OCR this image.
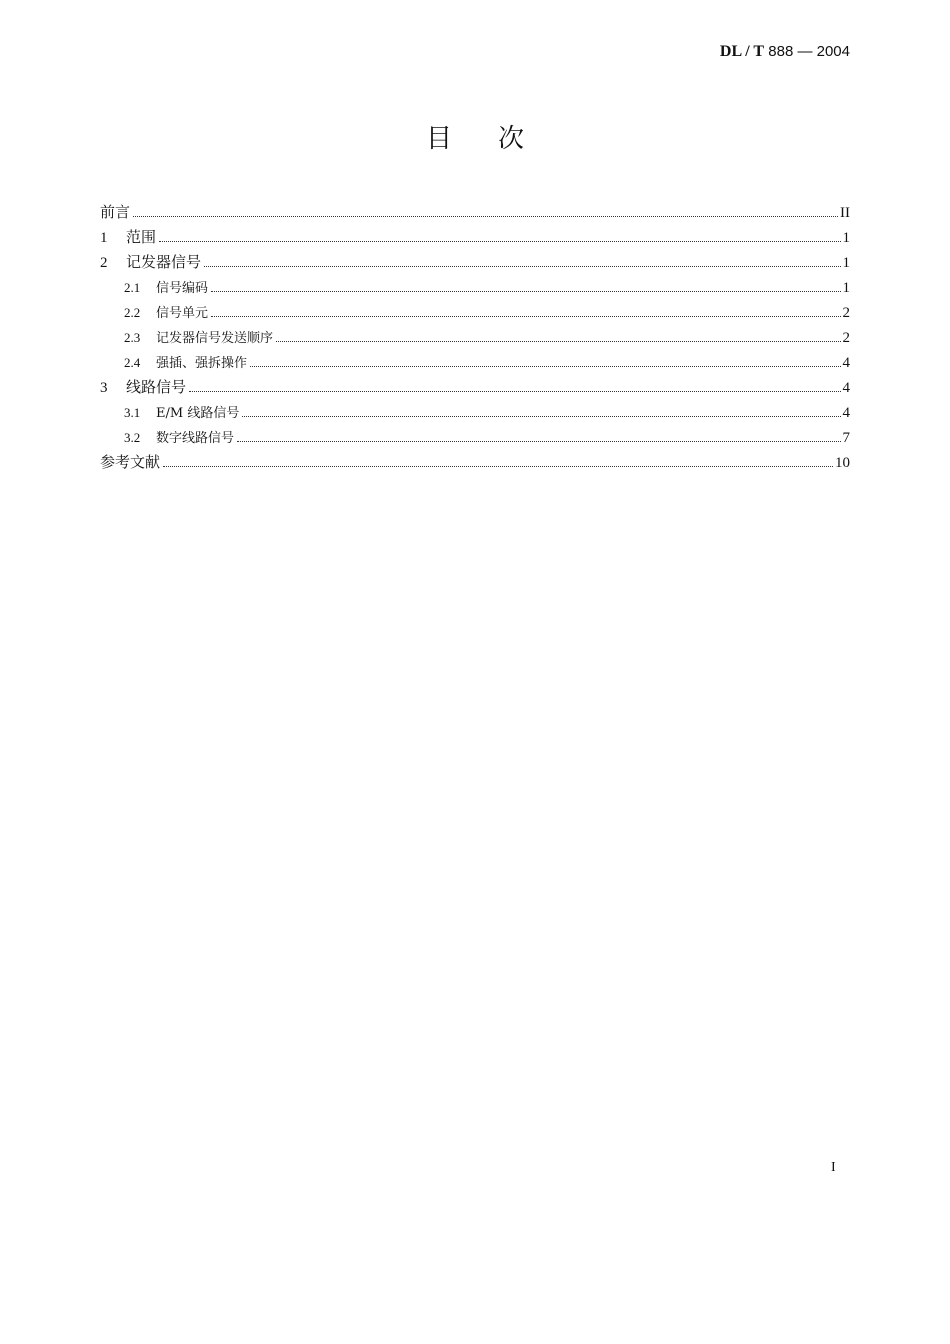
DL / T 888 — 2004
目次
前言	II
1	范围	1
2	记发器信号	1
2.1	信号编码	1
2.2	信号单元	2
2.3	记发器信号发送顺序	2
2.4	强插、强拆操作	4
3	线路信号	4
3.1	E/M 线路信号	4
3.2	数字线路信号	7
参考文献	10
I
